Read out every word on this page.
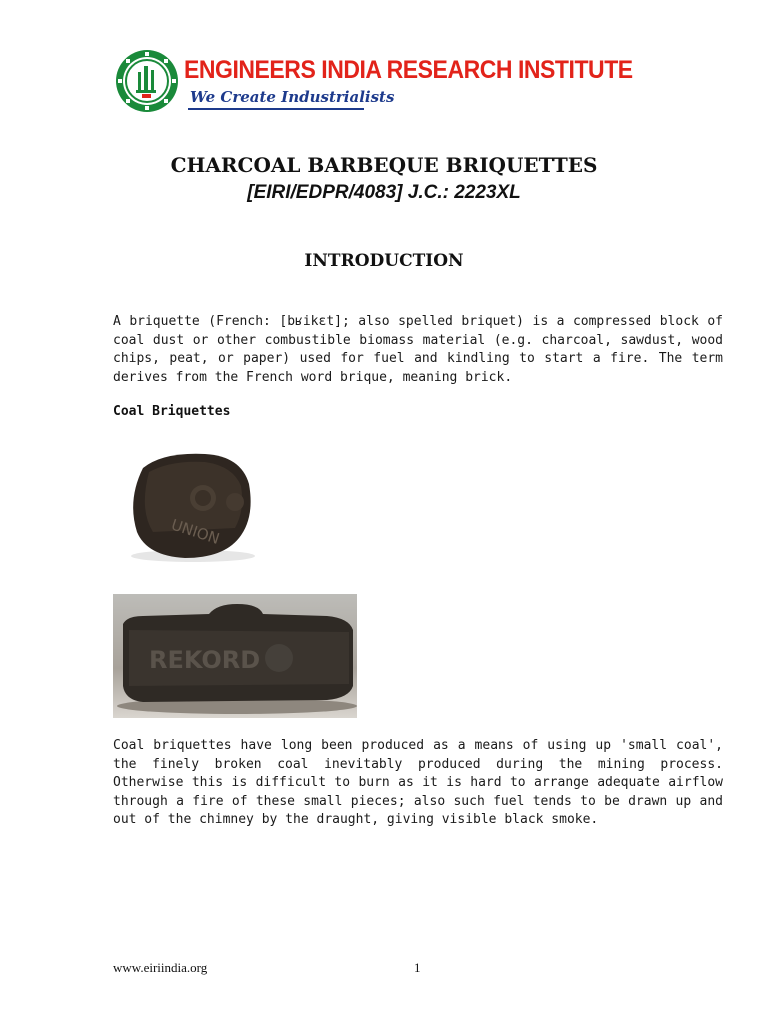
ENGINEERS INDIA RESEARCH INSTITUTE
We Create Industrialists
CHARCOAL BARBEQUE BRIQUETTES
[EIRI/EDPR/4083] J.C.: 2223XL
INTRODUCTION

A briquette (French: [bʁikɛt]; also spelled briquet) is a compressed block of coal dust or other combustible biomass material (e.g. charcoal, sawdust, wood chips, peat, or paper) used for fuel and kindling to start a fire. The term derives from the French word brique, meaning brick.

Coal Briquettes
UNION
REKORD

Coal briquettes have long been produced as a means of using up 'small coal', the finely broken coal inevitably produced during the mining process. Otherwise this is difficult to burn as it is hard to arrange adequate airflow through a fire of these small pieces; also such fuel tends to be drawn up and out of the chimney by the draught, giving visible black smoke.

www.eiriindia.org	1
